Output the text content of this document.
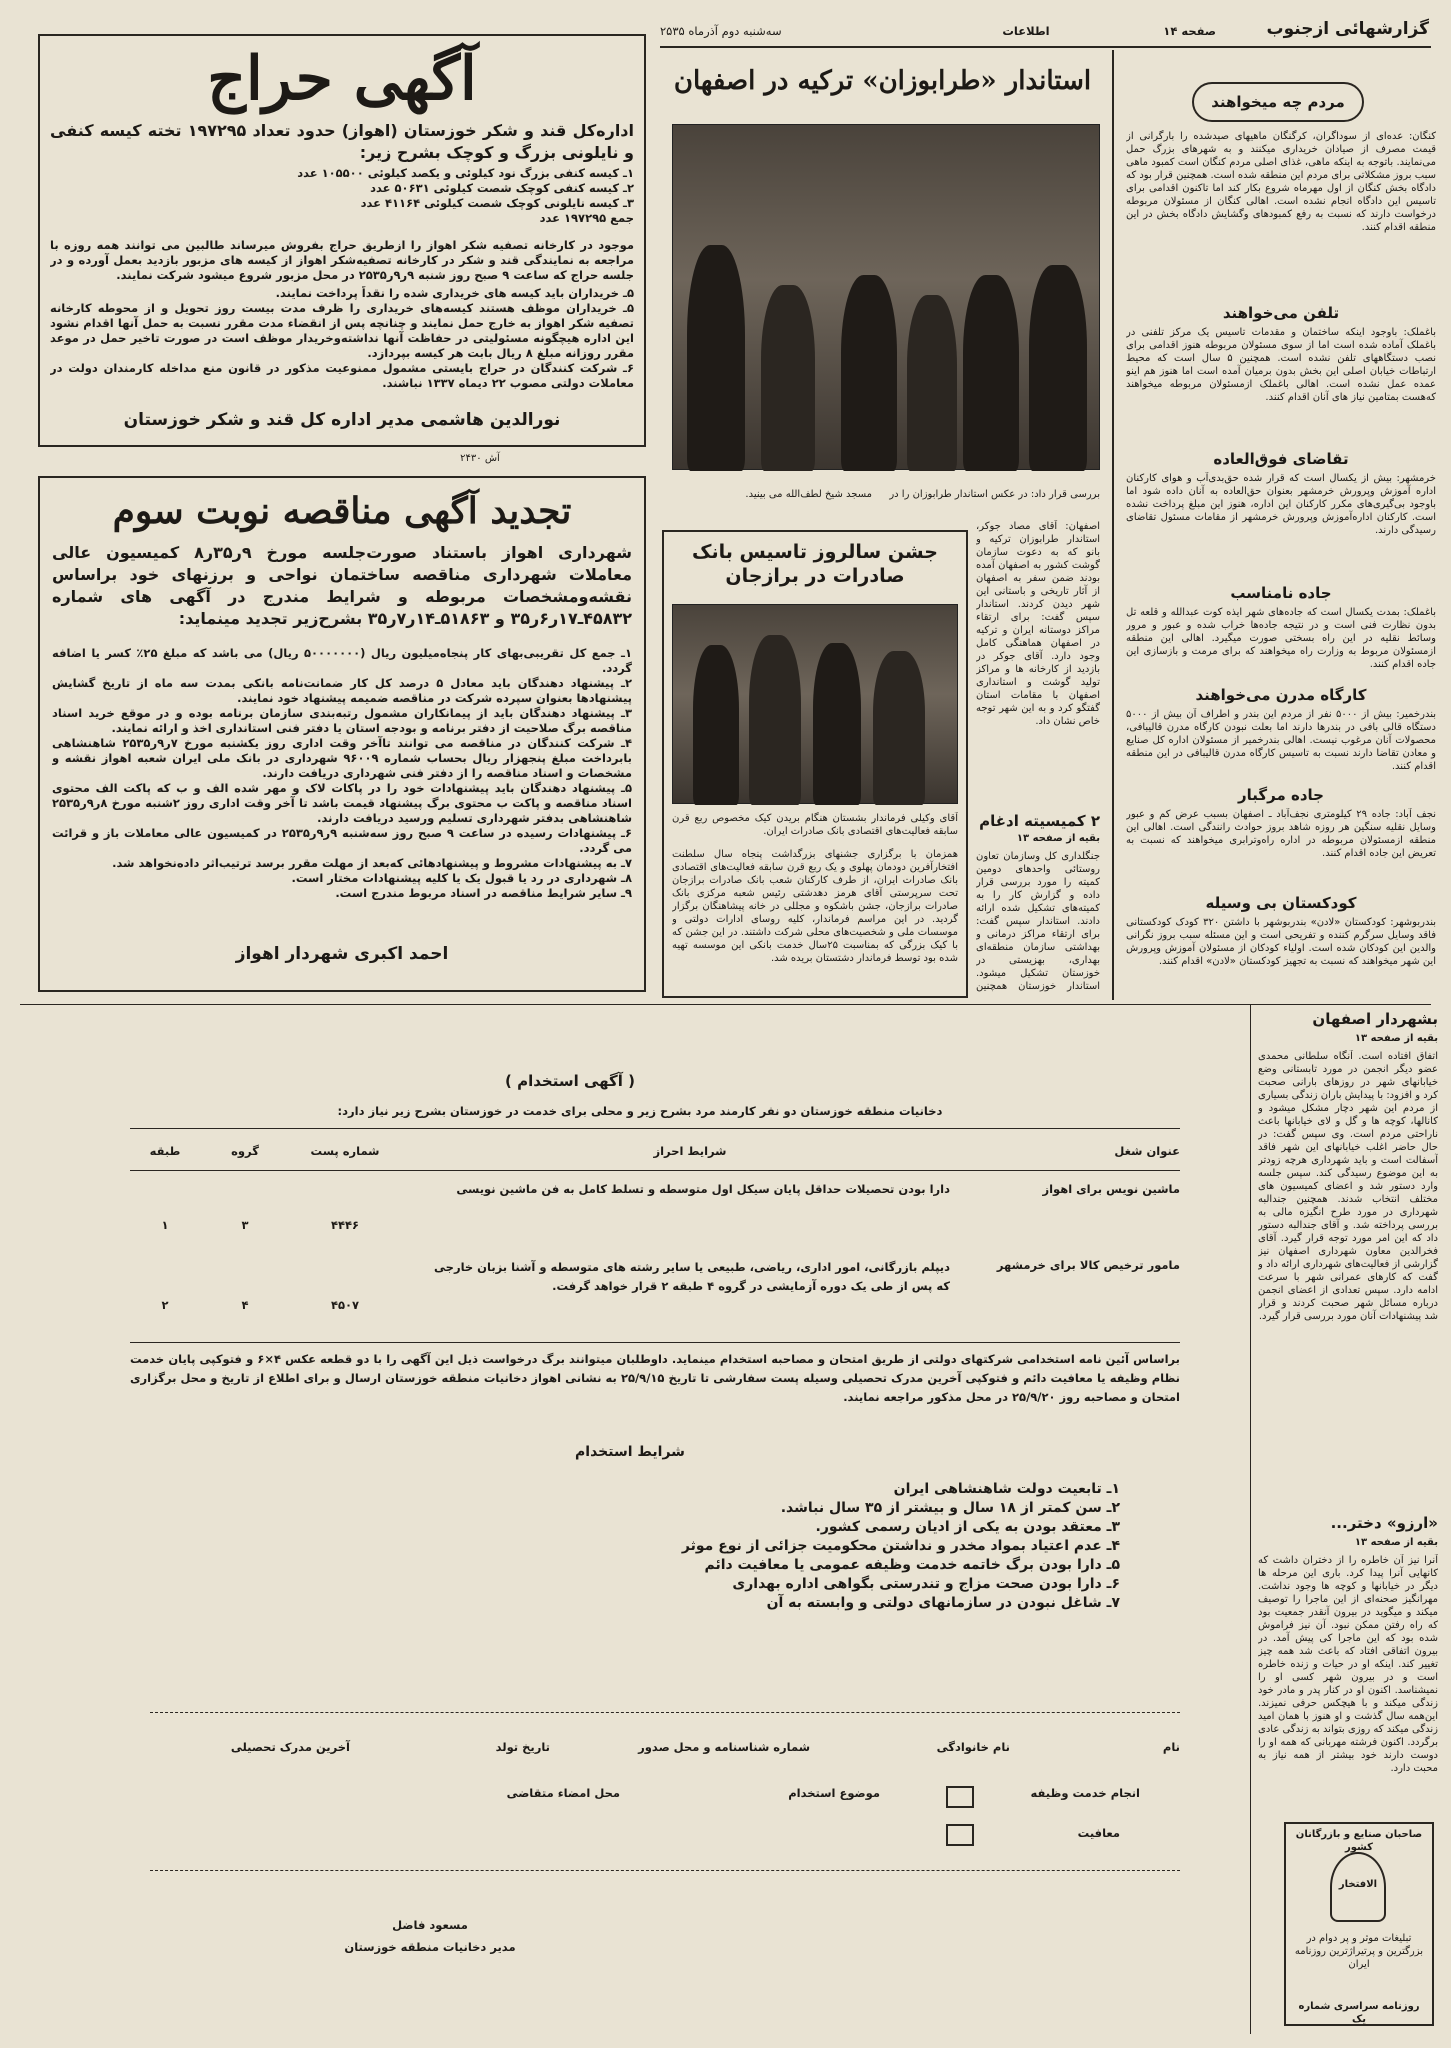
گزارشهائی ازجنوب
صفحه ۱۴
اطلاعات
سه‌شنبه دوم آذرماه ۲۵۳۵
آگهی حراج
اداره‌کل قند و شکر خوزستان (اهواز) حدود تعداد ۱۹۷۲۹۵ تخته کیسه کنفی و نایلونی بزرگ و کوچک بشرح زیر:
۱ـ کیسه کنفی بزرگ نود کیلوئی و یکصد کیلوئی ۱۰۵۵۰۰ عدد
۲ـ کیسه کنفی کوچک شصت کیلوئی ۵۰۶۳۱ عدد
۳ـ کیسه نایلونی کوچک شصت کیلوئی ۴۱۱۶۴ عدد
جمع ۱۹۷۲۹۵ عدد
موجود در کارخانه تصفیه شکر اهواز را ازطریق حراج بفروش میرساند طالبین می توانند همه روزه با مراجعه به نمایندگی قند و شکر در کارخانه تصفیه‌شکر اهواز از کیسه های مزبور بازدید بعمل آورده و در جلسه حراج که ساعت ۹ صبح روز شنبه ۹ر۹ر۲۵۳۵ در محل مزبور شروع میشود شرکت نمایند.
۵ـ خریداران باید کیسه های خریداری شده را نقداً پرداخت نمایند.
۵ـ خریداران موظف هستند کیسه‌های خریداری را ظرف مدت بیست روز تحویل و از محوطه کارخانه تصفیه شکر اهواز به خارج حمل نمایند و چنانچه پس از انقضاء مدت مقرر نسبت به حمل آنها اقدام نشود این اداره هیچگونه مسئولیتی در حفاظت آنها نداشته‌وخریدار موظف است در صورت تاخیر حمل در موعد مقرر روزانه مبلغ ۸ ریال بابت هر کیسه بپردازد.
۶ـ شرکت کنندگان در حراج بایستی مشمول ممنوعیت مذکور در قانون منع مداخله کارمندان دولت در معاملات دولتی مصوب ۲۲ دیماه ۱۳۳۷ نباشند.
نورالدین هاشمی مدیر اداره کل قند و شکر خوزستان
آش ۲۴۳۰
تجدید آگهی مناقصه نوبت سوم
شهرداری اهواز باستناد صورت‌جلسه مورخ ۹ر۳۵ر۸ کمیسیون عالی معاملات شهرداری مناقصه ساختمان نواحی و برزنهای خود براساس نقشه‌ومشخصات مربوطه و شرایط مندرج در آگهی های شماره ۴۵۸۳۲ـ۱۷ر۶ر۳۵ و ۵۱۸۶۳ـ۱۴ر۷ر۳۵ بشرح‌زیر تجدید مینماید:
۱ـ جمع کل تقریبی‌بهای کار پنجاه‌میلیون ریال (۵۰۰۰۰۰۰۰ ریال) می باشد که مبلغ ۲۵٪ کسر یا اضافه گردد.
۲ـ پیشنهاد دهندگان باید معادل ۵ درصد کل کار ضمانت‌نامه بانکی بمدت سه ماه از تاریخ گشایش پیشنهادها بعنوان سپرده شرکت در مناقصه ضمیمه پیشنهاد خود نمایند.
۳ـ پیشنهاد دهندگان باید از پیمانکاران مشمول رتبه‌بندی سازمان برنامه بوده و در موقع خرید اسناد مناقصه برگ صلاحیت از دفتر برنامه و بودجه استان یا دفتر فنی استانداری اخذ و ارائه نمایند.
۴ـ شرکت کنندگان در مناقصه می توانند تاآخر وقت اداری روز یکشنبه مورخ ۷ر۹ر۲۵۳۵ شاهنشاهی بابرداخت مبلغ پنجهزار ریال بحساب شماره ۹۶۰۰۹ شهرداری در بانک ملی ایران شعبه اهواز نقشه و مشخصات و اسناد مناقصه را از دفتر فنی شهرداری دریافت دارند.
۵ـ پیشنهاد دهندگان باید پیشنهادات خود را در پاکات لاک و مهر شده الف و ب که پاکت الف محتوی اسناد مناقصه و پاکت ب محتوی برگ پیشنهاد قیمت باشد تا آخر وقت اداری روز ۲شنبه مورخ ۸ر۹ر۲۵۳۵ شاهنشاهی بدفتر شهرداری تسلیم ورسید دریافت دارند.
۶ـ پیشنهادات رسیده در ساعت ۹ صبح روز سه‌شنبه ۹ر۹ر۲۵۳۵ در کمیسیون عالی معاملات باز و قرائت می گردد.
۷ـ به پیشنهادات مشروط و پیشنهادهائی که‌بعد از مهلت مقرر برسد ترتیب‌اثر داده‌نخواهد شد.
۸ـ شهرداری در رد یا قبول یک یا کلیه پیشنهادات مختار است.
۹ـ سایر شرایط مناقصه در اسناد مربوط مندرج است.
احمد اکبری شهردار اهواز
استاندار «طرابوزان» ترکیه در اصفهان
بررسی قرار داد: در عکس استاندار طرابوزان را در
مسجد شیخ لطف‌الله می بینید.
اصفهان: آقای مصاد جوکر، استاندار طرابوزان ترکیه و بانو که به دعوت سازمان گوشت کشور به اصفهان آمده بودند ضمن سفر به اصفهان از آثار تاریخی و باستانی این شهر دیدن کردند. استاندار سپس گفت: برای ارتقاء مراکز دوستانه ایران و ترکیه در اصفهان هماهنگی کامل وجود دارد. آقای جوکر در بازدید از کارخانه ها و مراکز تولید گوشت و استانداری اصفهان با مقامات استان گفتگو کرد و به این شهر توجه خاص نشان داد.
جشن سالروز تاسیس بانک صادرات در برازجان
آقای وکیلی فرماندار بشستان هنگام بریدن کیک مخصوص ربع قرن سابقه فعالیت‌های اقتصادی بانک صادرات ایران.
همزمان با برگزاری جشنهای بزرگداشت پنجاه سال سلطنت افتخارآفرین دودمان پهلوی و یک ربع قرن سابقه فعالیت‌های اقتصادی بانک صادرات ایران، از طرف کارکنان شعب بانک صادرات برازجان تحت سرپرستی آقای هرمز دهدشتی رئیس شعبه مرکزی بانک صادرات برازجان، جشن باشکوه و مجللی در خانه پیشاهنگان برگزار گردید. در این مراسم فرماندار، کلیه روسای ادارات دولتی و موسسات ملی و شخصیت‌های محلی شرکت داشتند. در این جشن که با کیک بزرگی که بمناسبت ۲۵سال خدمت بانکی این موسسه تهیه شده بود توسط فرماندار دشتستان بریده شد.
۲ کمیسیته ادغام
بقیه از صفحه ۱۳
جنگلداری کل وسازمان تعاون روستائی واحدهای دومین کمیته را مورد بررسی قرار داده و گزارش کار را به کمیته‌های تشکیل شده ارائه دادند. استاندار سپس گفت: برای ارتقاء مراکز درمانی و بهداشتی سازمان منطقه‌ای بهداری، بهزیستی در خوزستان تشکیل میشود. استاندار خوزستان همچنین
مردم چه میخواهند
کنگان: عده‌ای از سوداگران، کرگنگان ماهیهای صیدشده را بارگرانی از قیمت مصرف از صیادان خریداری میکنند و به شهرهای بزرگ حمل می‌نمایند. باتوجه به اینکه ماهی، غذای اصلی مردم کنگان است کمبود ماهی سبب بروز مشکلاتی برای مردم این منطقه شده است. همچنین قرار بود که دادگاه بخش کنگان از اول مهرماه شروع بکار کند اما تاکنون اقدامی برای تاسیس این دادگاه انجام نشده است. اهالی کنگان از مسئولان مربوطه درخواست دارند که نسبت به رفع کمبودهای وگشایش دادگاه بخش در این منطقه اقدام کنند.
تلفن می‌خواهند
باغملک: باوجود اینکه ساختمان و مقدمات تاسیس یک مرکز تلفنی در باغملک آماده شده است اما از سوی مسئولان مربوطه هنوز اقدامی برای نصب دستگاههای تلفن نشده است. همچنین ۵ سال است که محیط ارتباطات خیابان اصلی این بخش بدون برمیان آمده است اما هنوز هم اینو عمده عمل نشده است. اهالی باغملک ازمسئولان مربوطه میخواهند که‌هست بمتامین نیاز های آنان اقدام کنند.
تقاضای فوق‌العاده
خرمشهر: بیش از یکسال است که قرار شده حق‌بدی‌آب و هوای کارکنان اداره آموزش وپرورش خرمشهر بعنوان حق‌العاده به آنان داده شود اما باوجود بی‌گیری‌های مکرر کارکنان این اداره، هنوز این مبلغ پرداخت نشده است. کارکنان اداره‌آموزش وپرورش خرمشهر از مقامات مسئول تقاضای رسیدگی دارند.
جاده نامناسب
باغملک: بمدت یکسال است که جاده‌های شهر ایذه کوت عبدالله و قلعه تل بدون نظارت فنی است و در نتیجه جاده‌ها خراب شده و عبور و مرور وسائط نقلیه در این راه بسختی صورت میگیرد. اهالی این منطقه ازمسئولان مربوط به وزارت راه میخواهند که برای مرمت و بازسازی این جاده اقدام کنند.
کارگاه مدرن می‌خواهند
بندرخمیر: بیش از ۵۰۰۰ نفر از مردم این بندر و اطراف آن بیش از ۵۰۰۰ دستگاه قالی بافی در بندرها دارند اما بعلت نبودن کارگاه مدرن قالیبافی، محصولات آنان مرغوب نیست. اهالی بندرخمیر از مسئولان اداره کل صنایع و معادن تقاضا دارند نسبت به تاسیس کارگاه مدرن قالیبافی در این منطقه اقدام کنند.
جاده مرگبار
نجف آباد: جاده ۲۹ کیلومتری نجف‌آباد ـ اصفهان بسبب عرض کم و عبور وسایل نقلیه سنگین هر روزه شاهد بروز حوادث رانندگی است. اهالی این منطقه ازمسئولان مربوطه در اداره راه‌وترابری میخواهند که نسبت به تعریض این جاده اقدام کنند.
کودکستان بی وسیله
بندربوشهر: کودکستان «لادن» بندربوشهر با داشتن ۳۲۰ کودک کودکستانی فاقد وسایل سرگرم کننده و تفریحی است و این مسئله سبب بروز نگرانی والدین این کودکان شده است. اولیاء کودکان از مسئولان آموزش وپرورش این شهر میخواهند که نسبت به تجهیز کودکستان «لادن» اقدام کنند.
بشهردار اصفهان
بقیه از صفحه ۱۳
اتفاق افتاده است. آنگاه سلطانی محمدی عضو دیگر انجمن در مورد تابستانی وضع خیابانهای شهر در روزهای بارانی صحبت کرد و افزود: با پیدایش باران زندگی بسیاری از مردم این شهر دچار مشکل میشود و کانالها، کوچه ها و گل و لای خیابانها باعث ناراحتی مردم است. وی سپس گفت: در حال حاضر اغلب خیابانهای این شهر فاقد آسفالت است و باید شهرداری هرچه زودتر به این موضوع رسیدگی کند. سپس جلسه وارد دستور شد و اعضای کمیسیون های مختلف انتخاب شدند. همچنین جندالبه شهرداری در مورد طرح انگیزه مالی به بررسی پرداخته شد. و آقای جندالبه دستور داد که این امر مورد توجه قرار گیرد. آقای فخرالدین معاون شهرداری اصفهان نیز گزارشی از فعالیت‌های شهرداری ارائه داد و گفت که کارهای عمرانی شهر با سرعت ادامه دارد. سپس تعدادی از اعضای انجمن درباره مسائل شهر صحبت کردند و قرار شد پیشنهادات آنان مورد بررسی قرار گیرد.
«ارزو» دختر...
بقیه از صفحه ۱۳
آنرا نیز آن خاطره را از دختران داشت که کانهایی آنرا پیدا کرد. باری این مرحله ها دیگر در خیابانها و کوچه ها وجود نداشت. مهرانگیز صحنه‌ای از این ماجرا را توصیف میکند و میگوید در بیرون آنقدر جمعیت بود که راه رفتن ممکن نبود. آن نیز فراموش شده بود که این ماجرا کی پیش آمد. در بیرون اتفاقی افتاد که باعث شد همه چیز تغییر کند. اینکه او در حیات و زنده خاطره است و در بیرون شهر کسی او را نمیشناسد. اکنون او در کنار پدر و مادر خود زندگی میکند و با هیچکس حرفی نمیزند. این‌همه سال گذشت و او هنوز با همان امید زندگی میکند که روزی بتواند به زندگی عادی برگردد. اکنون فرشته مهربانی که همه او را دوست دارند خود بیشتر از همه نیاز به محبت دارد.
صاحبان صنایع و بازرگانان کشور
الافتخار
تبلیغات موثر و پر دوام در بزرگترین و پرتیراژترین روزنامه ایران
روزنامه سراسری شماره یک
( آگهی استخدام )
دخانیات منطقه خوزستان دو نفر کارمند مرد بشرح زیر و محلی برای خدمت در خوزستان بشرح زیر نیاز دارد:
عنوان شغل
شرایط احراز
شماره پست
گروه
طبقه
ماشین نویس برای اهواز
دارا بودن تحصیلات حداقل پایان سیکل اول متوسطه و تسلط کامل به فن ماشین نویسی
۴۴۴۶
۳
۱
مامور ترخیص کالا برای خرمشهر
دیپلم بازرگانی، امور اداری، ریاضی، طبیعی یا سایر رشته های متوسطه و آشنا بزبان خارجی که پس از طی یک دوره آزمایشی در گروه ۴ طبقه ۲ قرار خواهد گرفت.
۴۵۰۷
۴
۲
براساس آئین نامه استخدامی شرکتهای دولتی از طریق امتحان و مصاحبه استخدام مینماید. داوطلبان میتوانند برگ درخواست ذیل این آگهی را با دو قطعه عکس ۴×۶ و فتوکپی پایان خدمت نظام وظیفه یا معافیت دائم و فتوکپی آخرین مدرک تحصیلی وسیله پست سفارشی تا تاریخ ۲۵/۹/۱۵ به نشانی اهواز دخانیات منطقه خوزستان ارسال و برای اطلاع از تاریخ و محل برگزاری امتحان و مصاحبه روز ۲۵/۹/۲۰ در محل مذکور مراجعه نمایند.
شرایط استخدام
۱ـ تابعیت دولت شاهنشاهی ایران
۲ـ سن کمتر از ۱۸ سال و بیشتر از ۳۵ سال نباشد.
۳ـ معتقد بودن به یکی از ادیان رسمی کشور.
۴ـ عدم اعتیاد بمواد مخدر و نداشتن محکومیت جزائی از نوع موثر
۵ـ دارا بودن برگ خاتمه خدمت وظیفه عمومی یا معافیت دائم
۶ـ دارا بودن صحت مزاج و تندرستی بگواهی اداره بهداری
۷ـ شاغل نبودن در سازمانهای دولتی و وابسته به آن
نام
نام خانوادگی
شماره شناسنامه و محل صدور
تاریخ تولد
آخرین مدرک تحصیلی
انجام خدمت وظیفه
موضوع استخدام
محل امضاء متقاضی
معافیت
مسعود فاضل
مدیر دخانیات منطقه خوزستان
